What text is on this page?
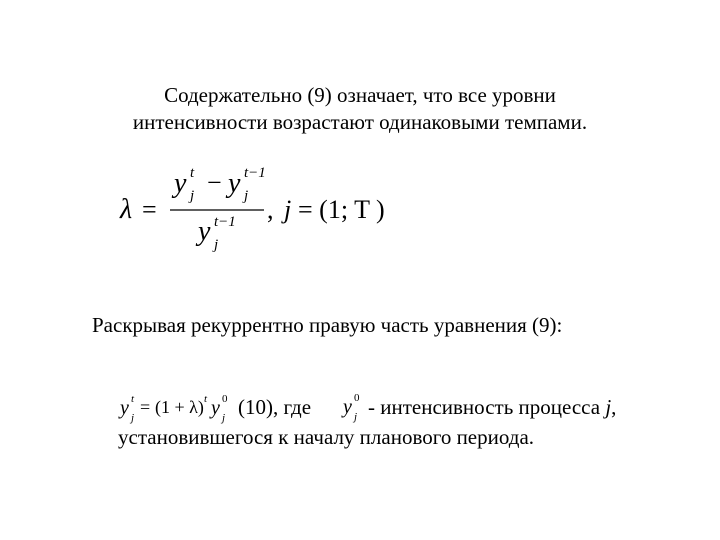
Содержательно (9) означает, что все уровни
интенсивности возрастают одинаковыми темпами.
λ =
y t
j − y t−1
j
y t−1
j
, j = (1; T )
Раскрывая рекуррентно правую часть уравнения (9):
y t
j
= (1 + λ) t y 0
j (10), где y 0
j - интенсивность процесса j,
установившегося к началу планового периода.
